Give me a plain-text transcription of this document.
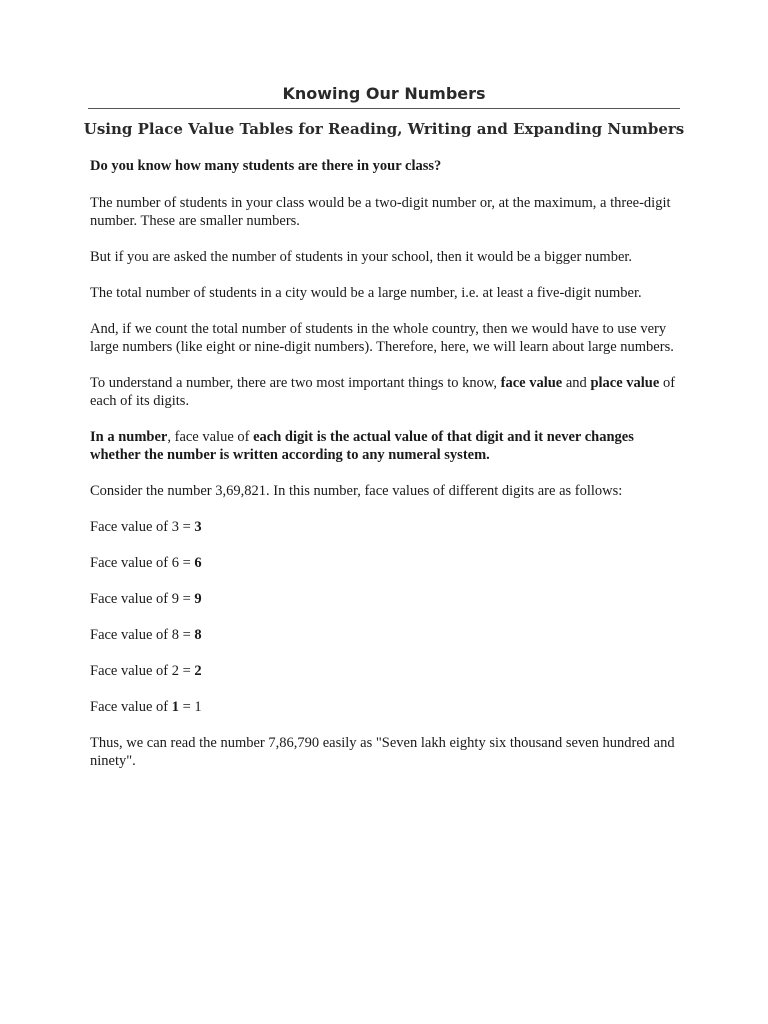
Knowing Our Numbers
Using Place Value Tables for Reading, Writing and Expanding Numbers

Do you know how many students are there in your class?

The number of students in your class would be a two-digit number or, at the maximum, a three-digit number. These are smaller numbers.

But if you are asked the number of students in your school, then it would be a bigger number.

The total number of students in a city would be a large number, i.e. at least a five-digit number.

And, if we count the total number of students in the whole country, then we would have to use very large numbers (like eight or nine-digit numbers). Therefore, here, we will learn about large numbers.

To understand a number, there are two most important things to know, face value and place value of each of its digits.

In a number, face value of each digit is the actual value of that digit and it never changes whether the number is written according to any numeral system.

Consider the number 3,69,821. In this number, face values of different digits are as follows:

Face value of 3 = 3

Face value of 6 = 6

Face value of 9 = 9

Face value of 8 = 8

Face value of 2 = 2

Face value of 1 = 1

Thus, we can read the number 7,86,790 easily as "Seven lakh eighty six thousand seven hundred and ninety".
